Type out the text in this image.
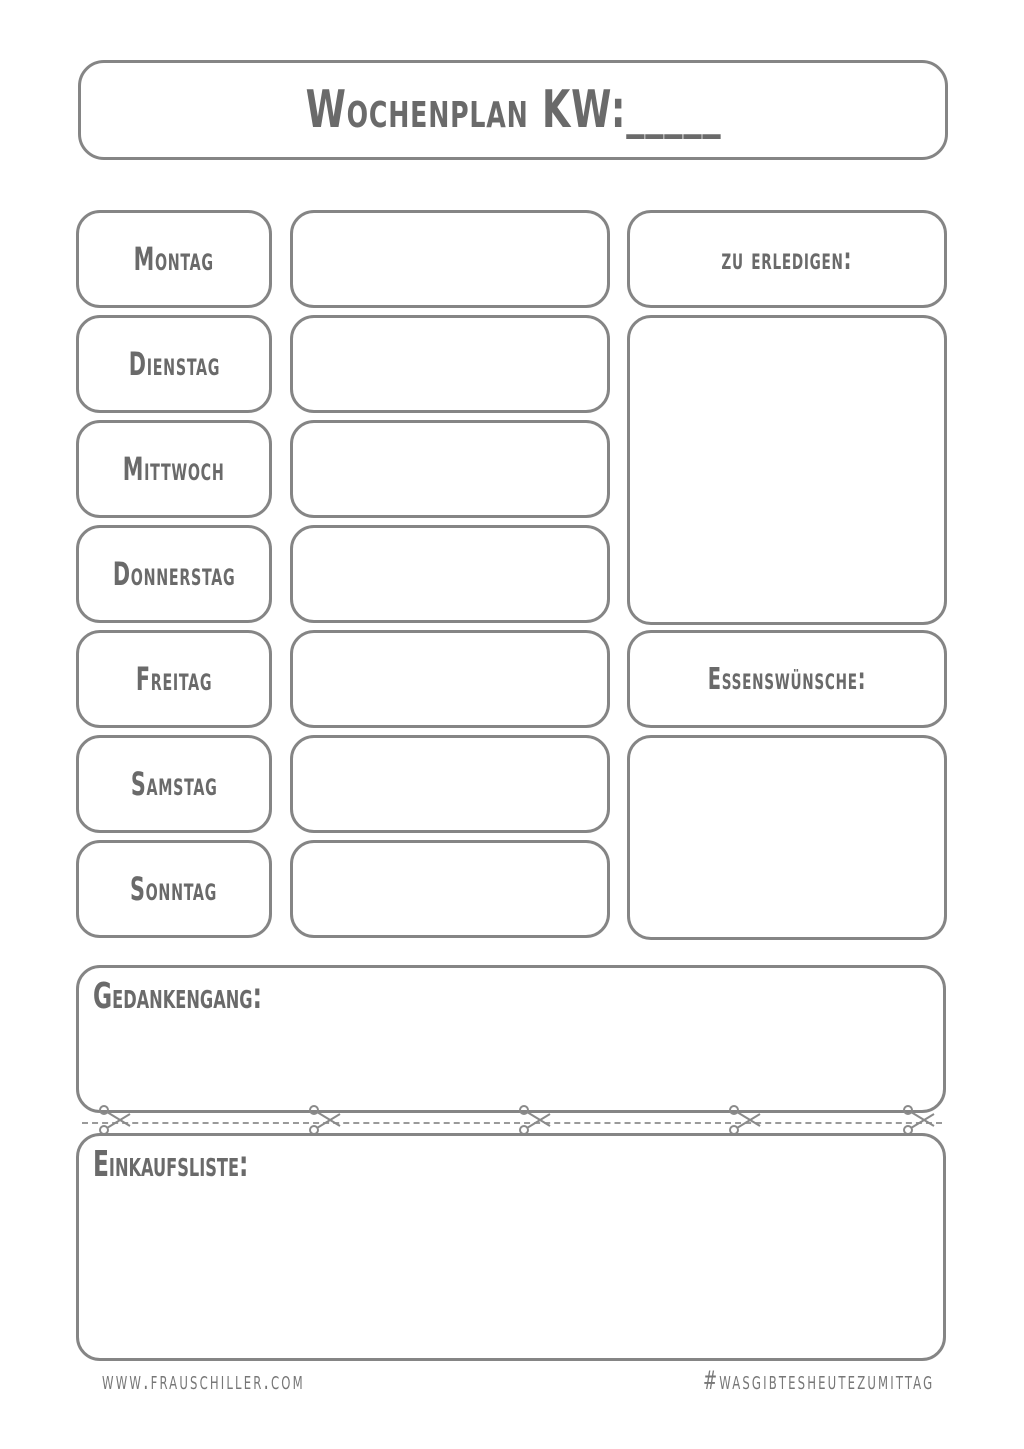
Wochenplan KW:_____
Montag
Dienstag
Mittwoch
Donnerstag
Freitag
Samstag
Sonntag
zu erledigen:
Essenswünsche:
Gedankengang:
Einkaufsliste:
www.frauschiller.com	#wasgibtesheutezumittag
